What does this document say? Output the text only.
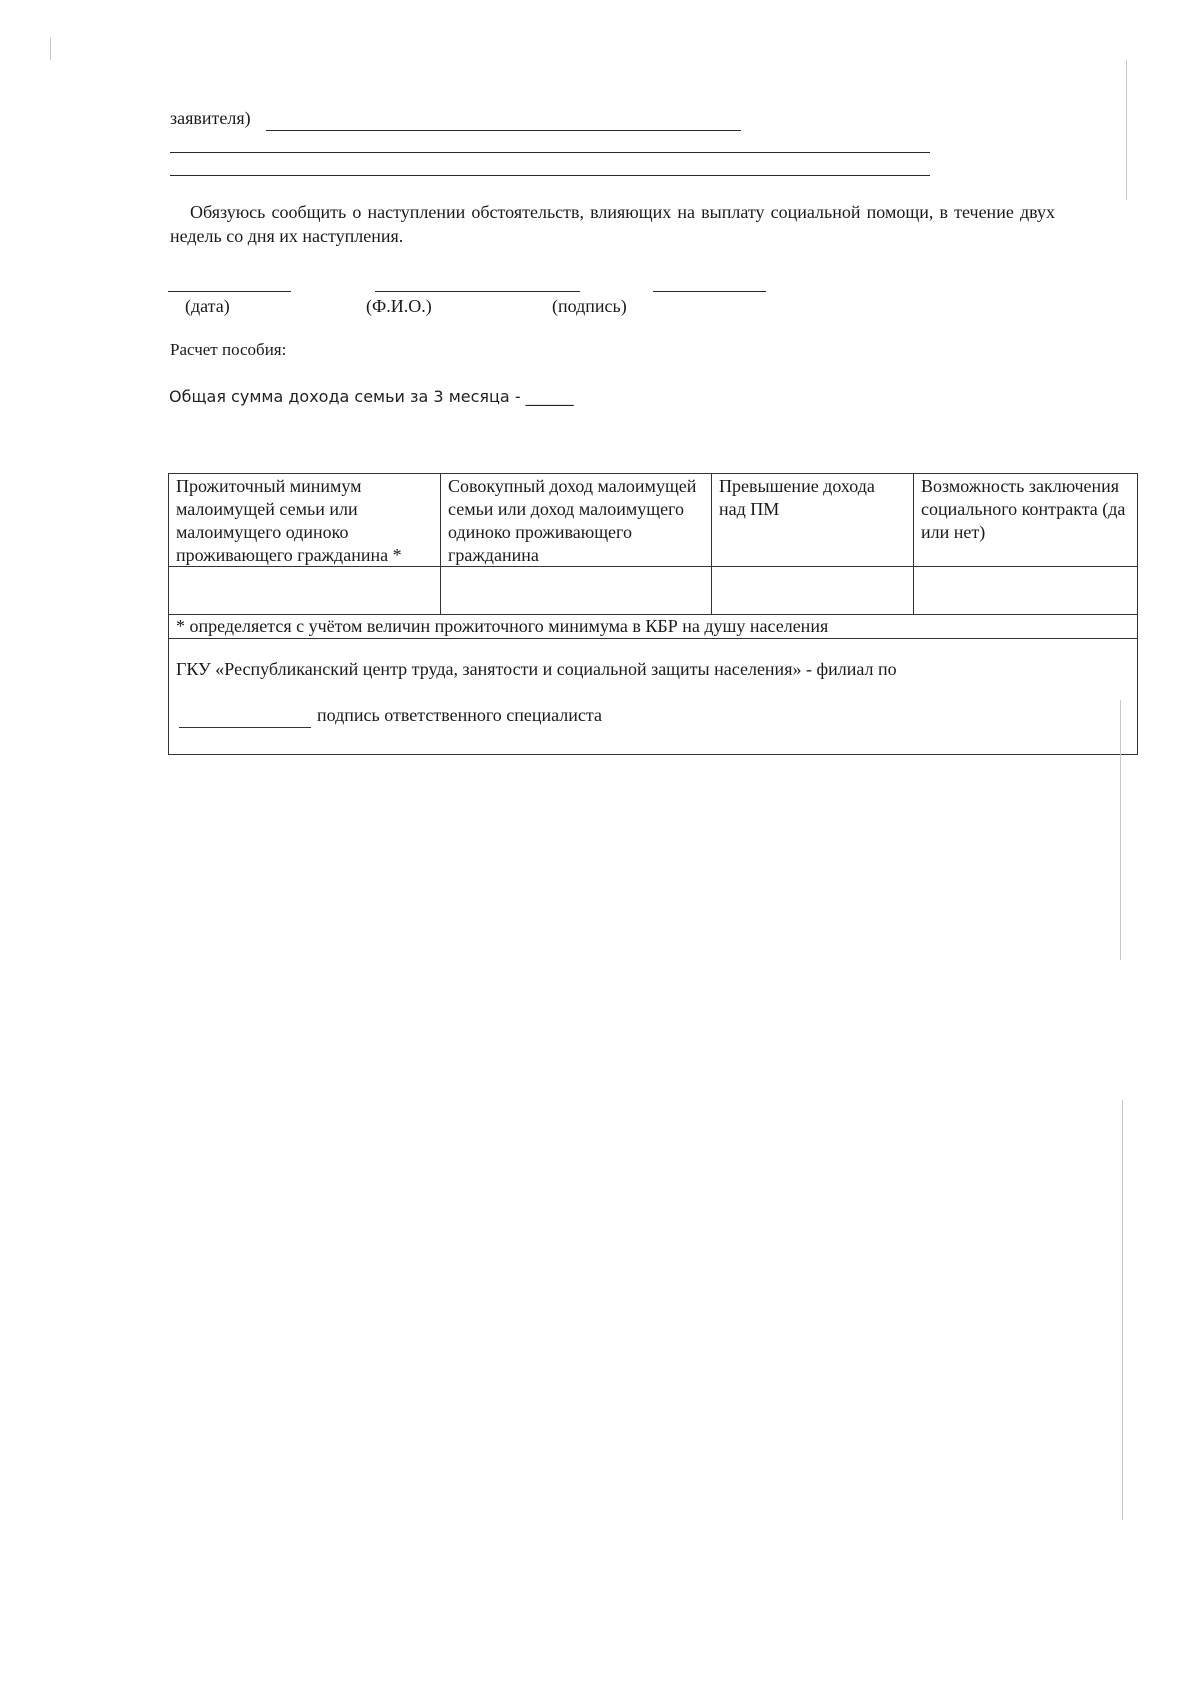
заявителя)
Обязуюсь сообщить о наступлении обстоятельств, влияющих на выплату социальной помощи, в течение двух недель со дня их наступления.
(дата)	(Ф.И.О.)	(подпись)
Расчет пособия:
Общая сумма дохода семьи за 3 месяца - ______
Прожиточный минимум малоимущей семьи или малоимущего одиноко проживающего гражданина *
Совокупный доход малоимущей семьи или доход малоимущего одиноко проживающего гражданина
Превышение дохода над ПМ
Возможность заключения социального контракта (да или нет)
* определяется с учётом величин прожиточного минимума в КБР на душу населения
ГКУ «Республиканский центр труда, занятости и социальной защиты населения» - филиал по
подпись ответственного специалиста
